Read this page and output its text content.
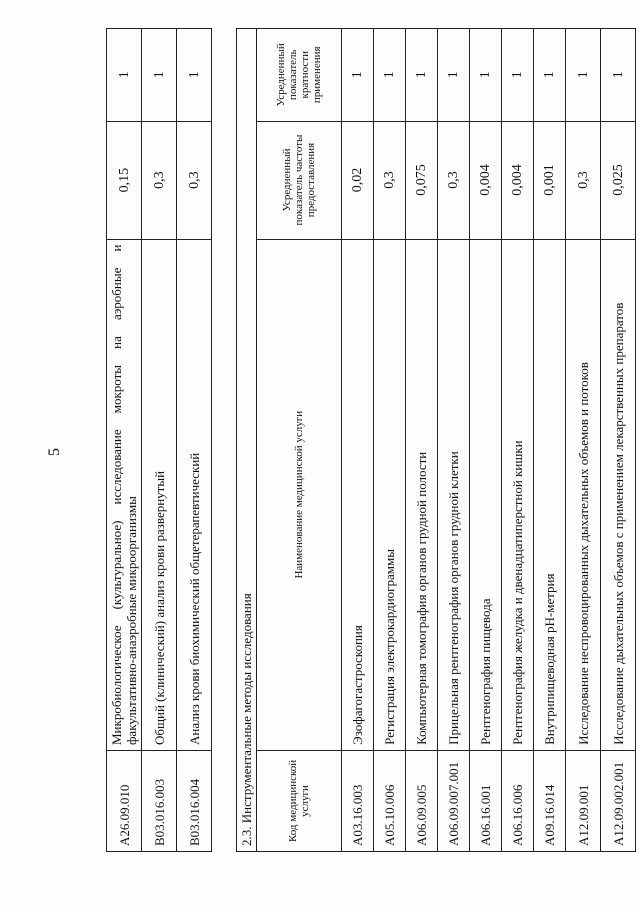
5
A26.09.010	Микробиологическое (культуральное) исследование мокроты на аэробные и факультативно-анаэробные микроорганизмы	0,15	1
B03.016.003	Общий (клинический) анализ крови развернутый	0,3	1
B03.016.004	Анализ крови биохимический общетерапевтический	0,3	1
2.3. Инструментальные методы исследования			
Код медицинской услуги	Наименование медицинской услуги	Усредненный показатель частоты предоставления	Усредненный показатель кратности применения
A03.16.003	Эзофагогастроскопия	0,02	1
A05.10.006	Регистрация электрокардиограммы	0,3	1
A06.09.005	Компьютерная томография органов грудной полости	0,075	1
A06.09.007.001	Прицельная рентгенография органов грудной клетки	0,3	1
A06.16.001	Рентгенография пищевода	0,004	1
A06.16.006	Рентгенография желудка и двенадцатиперстной кишки	0,004	1
A09.16.014	Внутрипищеводная pH-метрия	0,001	1
A12.09.001	Исследование неспровоцированных дыхательных объемов и потоков	0,3	1
A12.09.002.001	Исследование дыхательных объемов с применением лекарственных препаратов	0,025	1
